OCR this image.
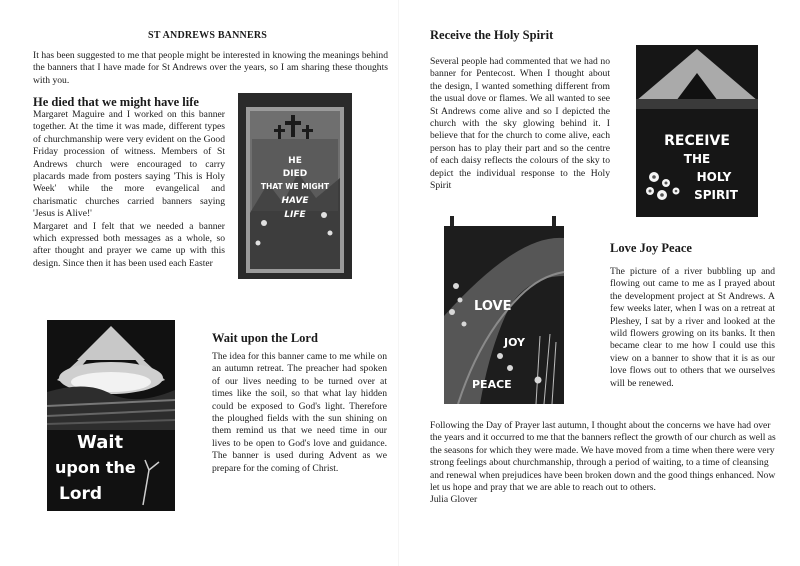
ST ANDREWS BANNERS

It has been suggested to me that people might be interested in knowing the meanings behind the banners that I have made for St Andrews over the years, so I am sharing these thoughts with you.

He died that we might have life
Margaret Maguire and I worked on this banner together. At the time it was made, different types of churchmanship were very evident on the Good Friday procession of witness. Members of St Andrews church were encouraged to carry placards made from posters saying 'This is Holy Week' while the more evangelical and charismatic churches carried banners saying 'Jesus is Alive!'
Margaret and I felt that we needed a banner which expressed both messages as a whole, so after thought and prayer we came up with this design. Since then it has been used each Easter
HE
DIED
THAT WE MIGHT
HAVE
LIFE
Wait
upon the
Lord
Wait upon the Lord

The idea for this banner came to me while on an autumn retreat. The preacher had spoken of our lives needing to be turned over at times like the soil, so that what lay hidden could be exposed to God's light. Therefore the ploughed fields with the sun shining on them remind us that we need time in our lives to be open to God's love and guidance. The banner is used during Advent as we prepare for the coming of Christ.

Receive the Holy Spirit

Several people had commented that we had no banner for Pentecost. When I thought about the design, I wanted something different from the usual dove or flames. We all wanted to see St Andrews come alive and so I depicted the church with the sky glowing behind it. I believe that for the church to come alive, each person has to play their part and so the centre of each daisy reflects the colours of the sky to depict the individual response to the Holy Spirit

RECEIVE
THE
HOLY
SPIRIT
LOVE
JOY
PEACE
Love Joy Peace

The picture of a river bubbling up and flowing out came to me as I prayed about the development project at St Andrews. A few weeks later, when I was on a retreat at Pleshey, I sat by a river and looked at the wild flowers growing on its banks. It then became clear to me how I could use this view on a banner to show that it is as our love flows out to others that we ourselves will be renewed.

Following the Day of Prayer last autumn, I thought about the concerns we have had over the years and it occurred to me that the banners reflect the growth of our church as well as the seasons for which they were made. We have moved from a time when there were very strong feelings about churchmanship, through a period of waiting, to a time of cleansing and renewal when prejudices have been broken down and the good things enhanced. Now let us hope and pray that we are able to reach out to others.

Julia Glover
